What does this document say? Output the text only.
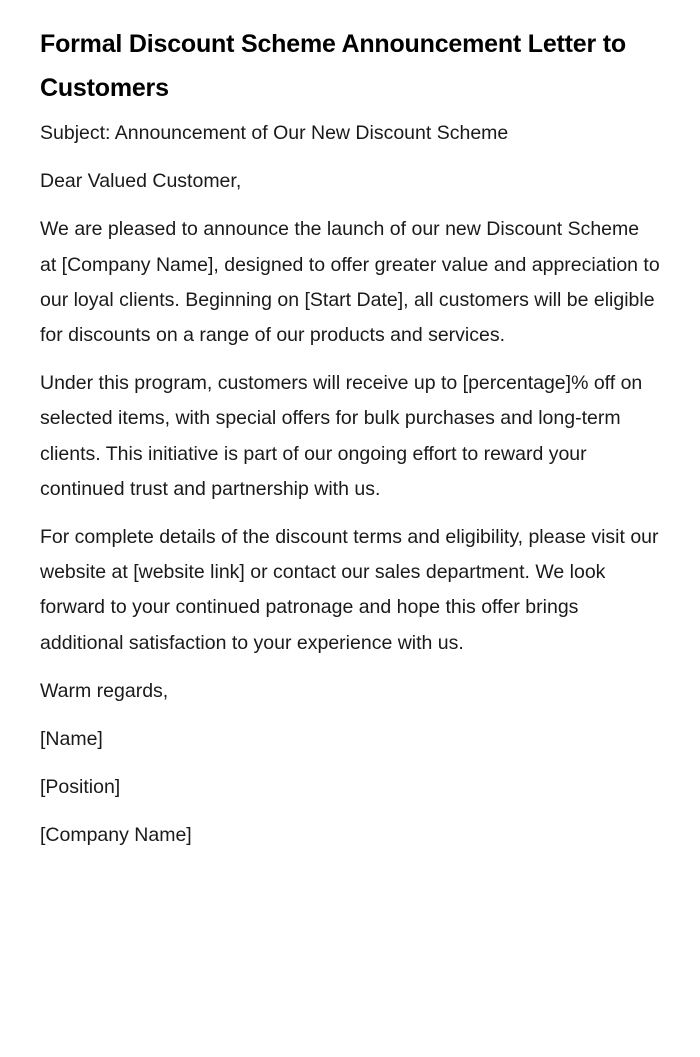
Formal Discount Scheme Announcement Letter to Customers

Subject: Announcement of Our New Discount Scheme

Dear Valued Customer,

We are pleased to announce the launch of our new Discount Scheme at [Company Name], designed to offer greater value and appreciation to our loyal clients. Beginning on [Start Date], all customers will be eligible for discounts on a range of our products and services.

Under this program, customers will receive up to [percentage]% off on selected items, with special offers for bulk purchases and long-term clients. This initiative is part of our ongoing effort to reward your continued trust and partnership with us.

For complete details of the discount terms and eligibility, please visit our website at [website link] or contact our sales department. We look forward to your continued patronage and hope this offer brings additional satisfaction to your experience with us.

Warm regards,

[Name]

[Position]

[Company Name]
